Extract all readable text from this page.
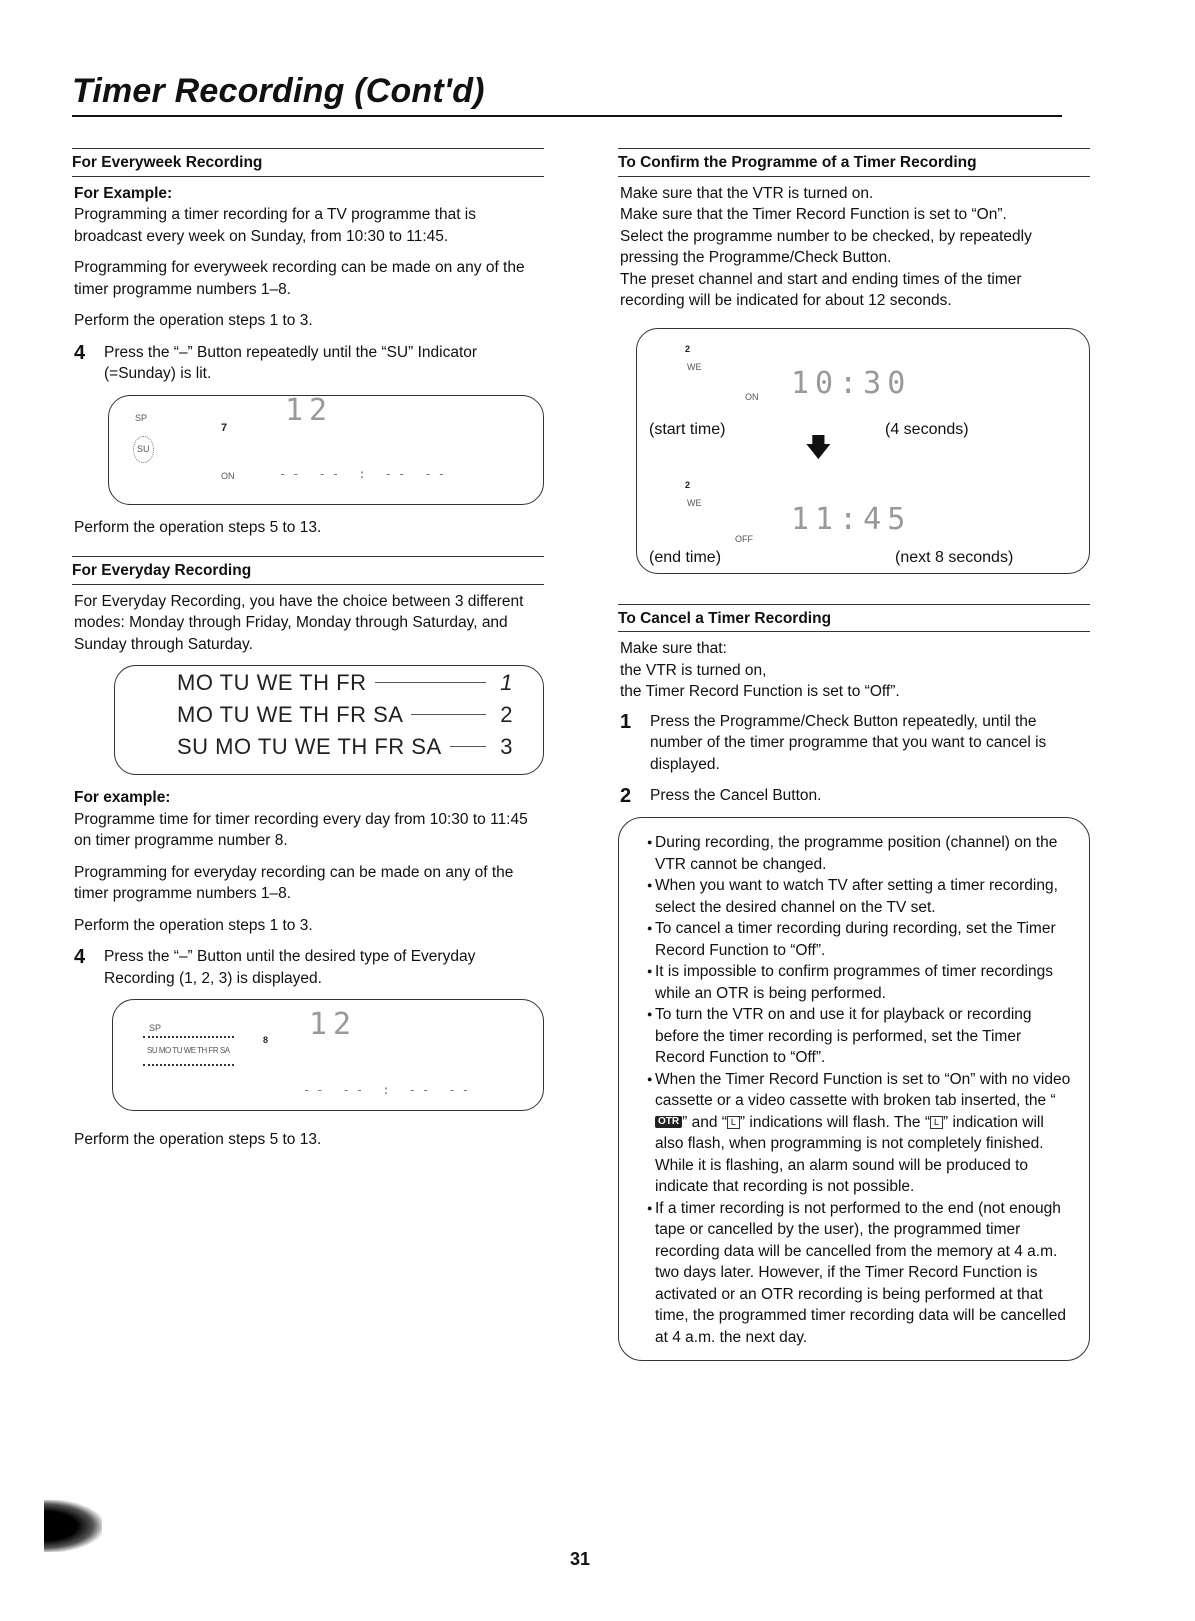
Timer Recording (Cont'd)
For Everyweek Recording
For Example:

Programming a timer recording for a TV programme that is broadcast every week on Sunday, from 10:30 to 11:45.

Programming for everyweek recording can be made on any of the timer programme numbers 1–8.

Perform the operation steps 1 to 3.

4	Press the “–” Button repeatedly until the “SU” Indicator (=Sunday) is lit.
SP
7 12
SU
ON	-- -- : -- --

Perform the operation steps 5 to 13.

For Everyday Recording

For Everyday Recording, you have the choice between 3 different modes: Monday through Friday, Monday through Saturday, and Sunday through Saturday.

MO TU WE TH FR	1
MO TU WE TH FR SA	2
SU MO TU WE TH FR SA	3
For example:

Programme time for timer recording every day from 10:30 to 11:45 on timer programme number 8.

Programming for everyday recording can be made on any of the timer programme numbers 1–8.

Perform the operation steps 1 to 3.

4	Press the “–” Button until the desired type of Everyday Recording (1, 2, 3) is displayed.
SP
SU MO TU WE TH FR SA
8 12
-- -- : -- --

Perform the operation steps 5 to 13.

To Confirm the Programme of a Timer Recording
Make sure that the VTR is turned on.
Make sure that the Timer Record Function is set to “On”.
Select the programme number to be checked, by repeatedly pressing the Programme/Check Button.
The preset channel and start and ending times of the timer recording will be indicated for about 12 seconds.
2
WE
ON 10:30
(start time)	(4 seconds)
🡇
2
WE
OFF
11:45
(end time)	(next 8 seconds)
To Cancel a Timer Recording
Make sure that:
the VTR is turned on,
the Timer Record Function is set to “Off”.
1	Press the Programme/Check Button repeatedly, until the number of the timer programme that you want to cancel is displayed.
2	Press the Cancel Button.
●
During recording, the programme position (channel) on the VTR cannot be changed.
●
When you want to watch TV after setting a timer recording, select the desired channel on the TV set.
●
To cancel a timer recording during recording, set the Timer Record Function to “Off”.
●
It is impossible to confirm programmes of timer recordings while an OTR is being performed.
●
To turn the VTR on and use it for playback or recording before the timer recording is performed, set the Timer Record Function to “Off”.
●
When the Timer Record Function is set to “On” with no video cassette or a video cassette with broken tab inserted, the “OTR ” and “ L ” indications will flash. The “ L ” indication will also flash, when programming is not completely finished. While it is flashing, an alarm sound will be produced to indicate that recording is not possible.
●
If a timer recording is not performed to the end (not enough tape or cancelled by the user), the programmed timer recording data will be cancelled from the memory at 4 a.m. two days later. However, if the Timer Record Function is activated or an OTR recording is being performed at that time, the programmed timer recording data will be cancelled at 4 a.m. the next day.
31
